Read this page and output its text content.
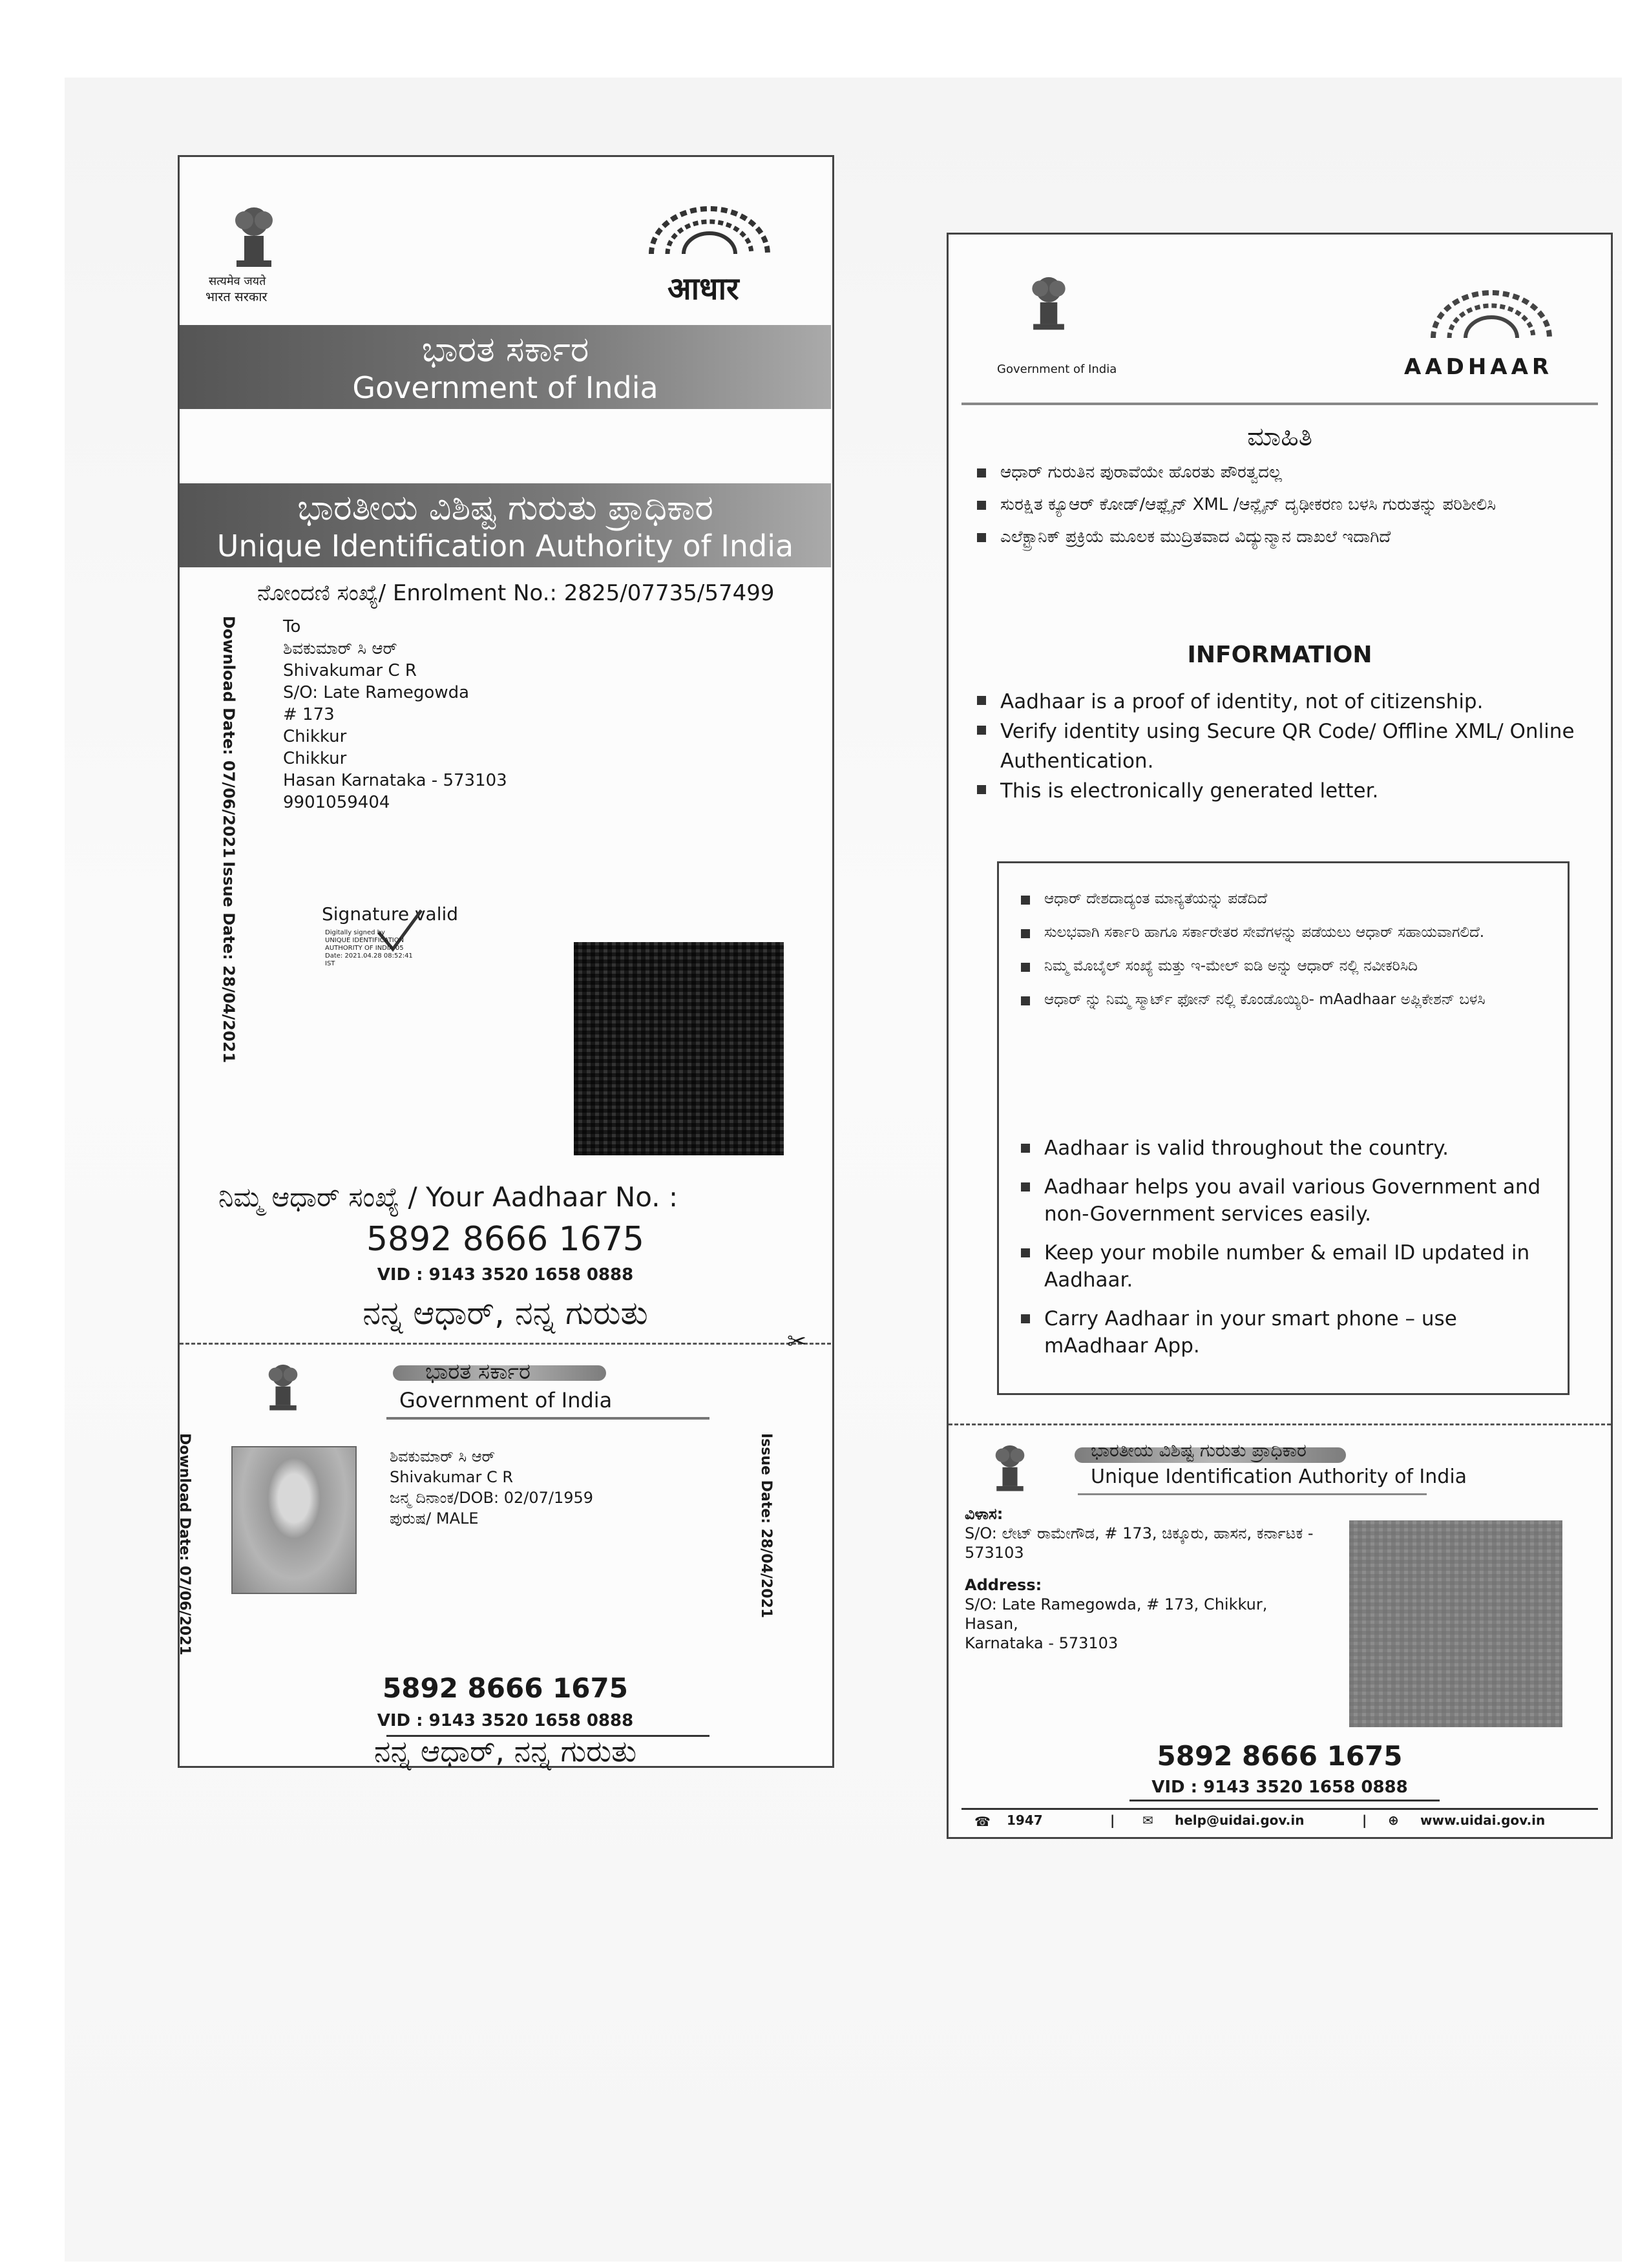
सत्यमेव जयते
भारत सरकार	आधार
ಭಾರತ ಸರ್ಕಾರ
Government of India
ಭಾರತೀಯ ವಿಶಿಷ್ಟ ಗುರುತು ಪ್ರಾಧಿಕಾರ
Unique Identification Authority of India
ನೋಂದಣಿ ಸಂಖ್ಯೆ/ Enrolment No.: 2825/07735/57499
Download Date: 07/06/2021
Issue Date: 28/04/2021
To
ಶಿವಕುಮಾರ್ ಸಿ ಆರ್
Shivakumar C R
S/O: Late Ramegowda
# 173
Chikkur
Chikkur
Hasan Karnataka - 573103
9901059404
Signature valid
Digitally signed by
UNIQUE IDENTIFICATION
AUTHORITY OF INDIA 05
Date: 2021.04.28 08:52:41
IST
ನಿಮ್ಮ ಆಧಾರ್ ಸಂಖ್ಯೆ / Your Aadhaar No. :
5892 8666 1675
VID : 9143 3520 1658 0888
ನನ್ನ ಆಧಾರ್, ನನ್ನ ಗುರುತು
✂
ಭಾರತ ಸರ್ಕಾರ
Government of India
Download Date: 07/06/2021	Issue Date: 28/04/2021
ಶಿವಕುಮಾರ್ ಸಿ ಆರ್
Shivakumar C R
ಜನ್ಮ ದಿನಾಂಕ/DOB: 02/07/1959
ಪುರುಷ/ MALE
5892 8666 1675
VID : 9143 3520 1658 0888
ನನ್ನ ಆಧಾರ್, ನನ್ನ ಗುರುತು
Government of India	AADHAAR
ಮಾಹಿತಿ
ಆಧಾರ್ ಗುರುತಿನ ಪುರಾವೆಯೇ ಹೊರತು ಪೌರತ್ವದಲ್ಲ
ಸುರಕ್ಷಿತ ಕ್ಯೂಆರ್ ಕೋಡ್/ಆಫ್ಲೈನ್ XML /ಆನ್ಲೈನ್ ದೃಢೀಕರಣ ಬಳಸಿ ಗುರುತನ್ನು ಪರಿಶೀಲಿಸಿ
ಎಲೆಕ್ಟ್ರಾನಿಕ್ ಪ್ರಕ್ರಿಯೆ ಮೂಲಕ ಮುದ್ರಿತವಾದ ವಿದ್ಯುನ್ಮಾನ ದಾಖಲೆ ಇದಾಗಿದೆ
INFORMATION
Aadhaar is a proof of identity, not of citizenship.
Verify identity using Secure QR Code/ Offline XML/ Online Authentication.
This is electronically generated letter.
ಆಧಾರ್ ದೇಶದಾದ್ಯಂತ ಮಾನ್ಯತೆಯನ್ನು ಪಡೆದಿದೆ
ಸುಲಭವಾಗಿ ಸರ್ಕಾರಿ ಹಾಗೂ ಸರ್ಕಾರೇತರ ಸೇವೆಗಳನ್ನು ಪಡೆಯಲು ಆಧಾರ್ ಸಹಾಯವಾಗಲಿದೆ.
ನಿಮ್ಮ ಮೊಬೈಲ್ ಸಂಖ್ಯೆ ಮತ್ತು ಇ-ಮೇಲ್ ಐಡಿ ಅನ್ನು ಆಧಾರ್ ನಲ್ಲಿ ನವೀಕರಿಸಿದಿ
ಆಧಾರ್ ನ್ನು ನಿಮ್ಮ ಸ್ಮಾರ್ಟ್ ಫೋನ್ ನಲ್ಲಿ ಕೊಂಡೊಯ್ಯಿರಿ- mAadhaar ಅಪ್ಲಿಕೇಶನ್ ಬಳಸಿ
Aadhaar is valid throughout the country.
Aadhaar helps you avail various Government and non-Government services easily.
Keep your mobile number & email ID updated in Aadhaar.
Carry Aadhaar in your smart phone – use mAadhaar App.
ಭಾರತೀಯ ವಿಶಿಷ್ಟ ಗುರುತು ಪ್ರಾಧಿಕಾರ
Unique Identification Authority of India
ವಿಳಾಸ:
S/O: ಲೇಟ್ ರಾಮೇಗೌಡ, # 173, ಚಿಕ್ಕೂರು, ಹಾಸನ, ಕರ್ನಾಟಕ - 573103
Address:
S/O: Late Ramegowda, # 173, Chikkur,
Hasan,
Karnataka - 573103
5892 8666 1675
VID : 9143 3520 1658 0888
☎ 1947	| ✉ help@uidai.gov.in	| ⊕ www.uidai.gov.in
